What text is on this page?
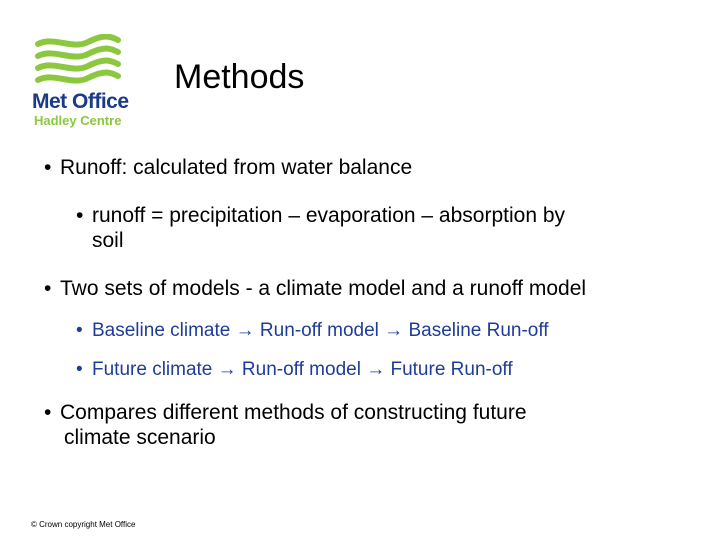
Met Office
Hadley Centre
Methods
• Runoff: calculated from water balance
• runoff = precipitation – evaporation – absorption by
soil
• Two sets of models - a climate model and a runoff model
• Baseline climate → Run-off model → Baseline Run-off
• Future climate → Run-off model → Future Run-off
• Compares different methods of constructing future
climate scenario
© Crown copyright Met Office
